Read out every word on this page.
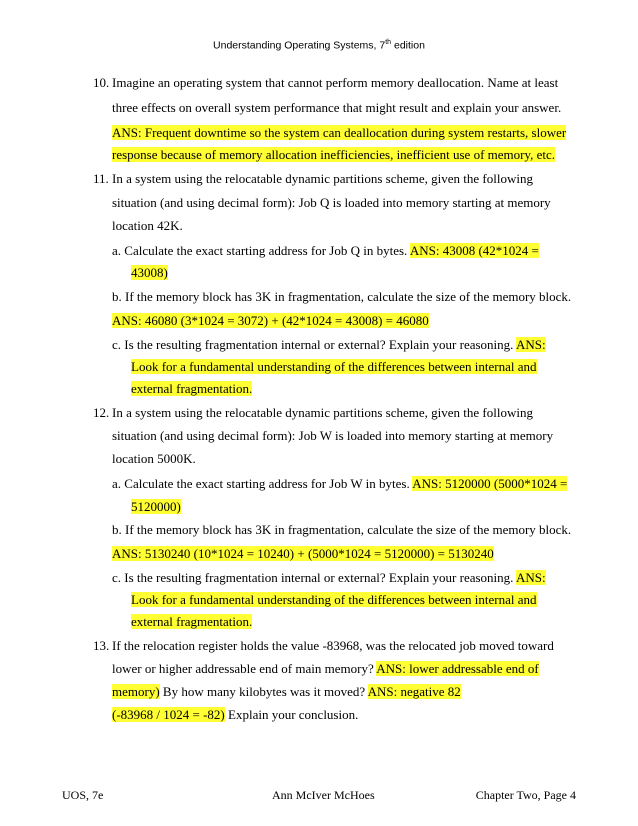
Understanding Operating Systems, 7th edition
10. Imagine an operating system that cannot perform memory deallocation. Name at least
three effects on overall system performance that might result and explain your answer.
ANS: Frequent downtime so the system can deallocation during system restarts, slower
response because of memory allocation inefficiencies, inefficient use of memory, etc.
11. In a system using the relocatable dynamic partitions scheme, given the following
situation (and using decimal form): Job Q is loaded into memory starting at memory
location 42K.
a. Calculate the exact starting address for Job Q in bytes. ANS: 43008 (42*1024 =
43008)
b. If the memory block has 3K in fragmentation, calculate the size of the memory block.
ANS: 46080 (3*1024 = 3072) + (42*1024 = 43008) = 46080
c. Is the resulting fragmentation internal or external? Explain your reasoning. ANS:
Look for a fundamental understanding of the differences between internal and
external fragmentation.
12. In a system using the relocatable dynamic partitions scheme, given the following
situation (and using decimal form): Job W is loaded into memory starting at memory
location 5000K.
a. Calculate the exact starting address for Job W in bytes. ANS: 5120000 (5000*1024 =
5120000)
b. If the memory block has 3K in fragmentation, calculate the size of the memory block.
ANS: 5130240 (10*1024 = 10240) + (5000*1024 = 5120000) = 5130240
c. Is the resulting fragmentation internal or external? Explain your reasoning. ANS:
Look for a fundamental understanding of the differences between internal and
external fragmentation.
13. If the relocation register holds the value -83968, was the relocated job moved toward
lower or higher addressable end of main memory? ANS: lower addressable end of
memory) By how many kilobytes was it moved? ANS: negative 82
(-83968 / 1024 = -82) Explain your conclusion.
UOS, 7e	Ann McIver McHoes	Chapter Two, Page 4
